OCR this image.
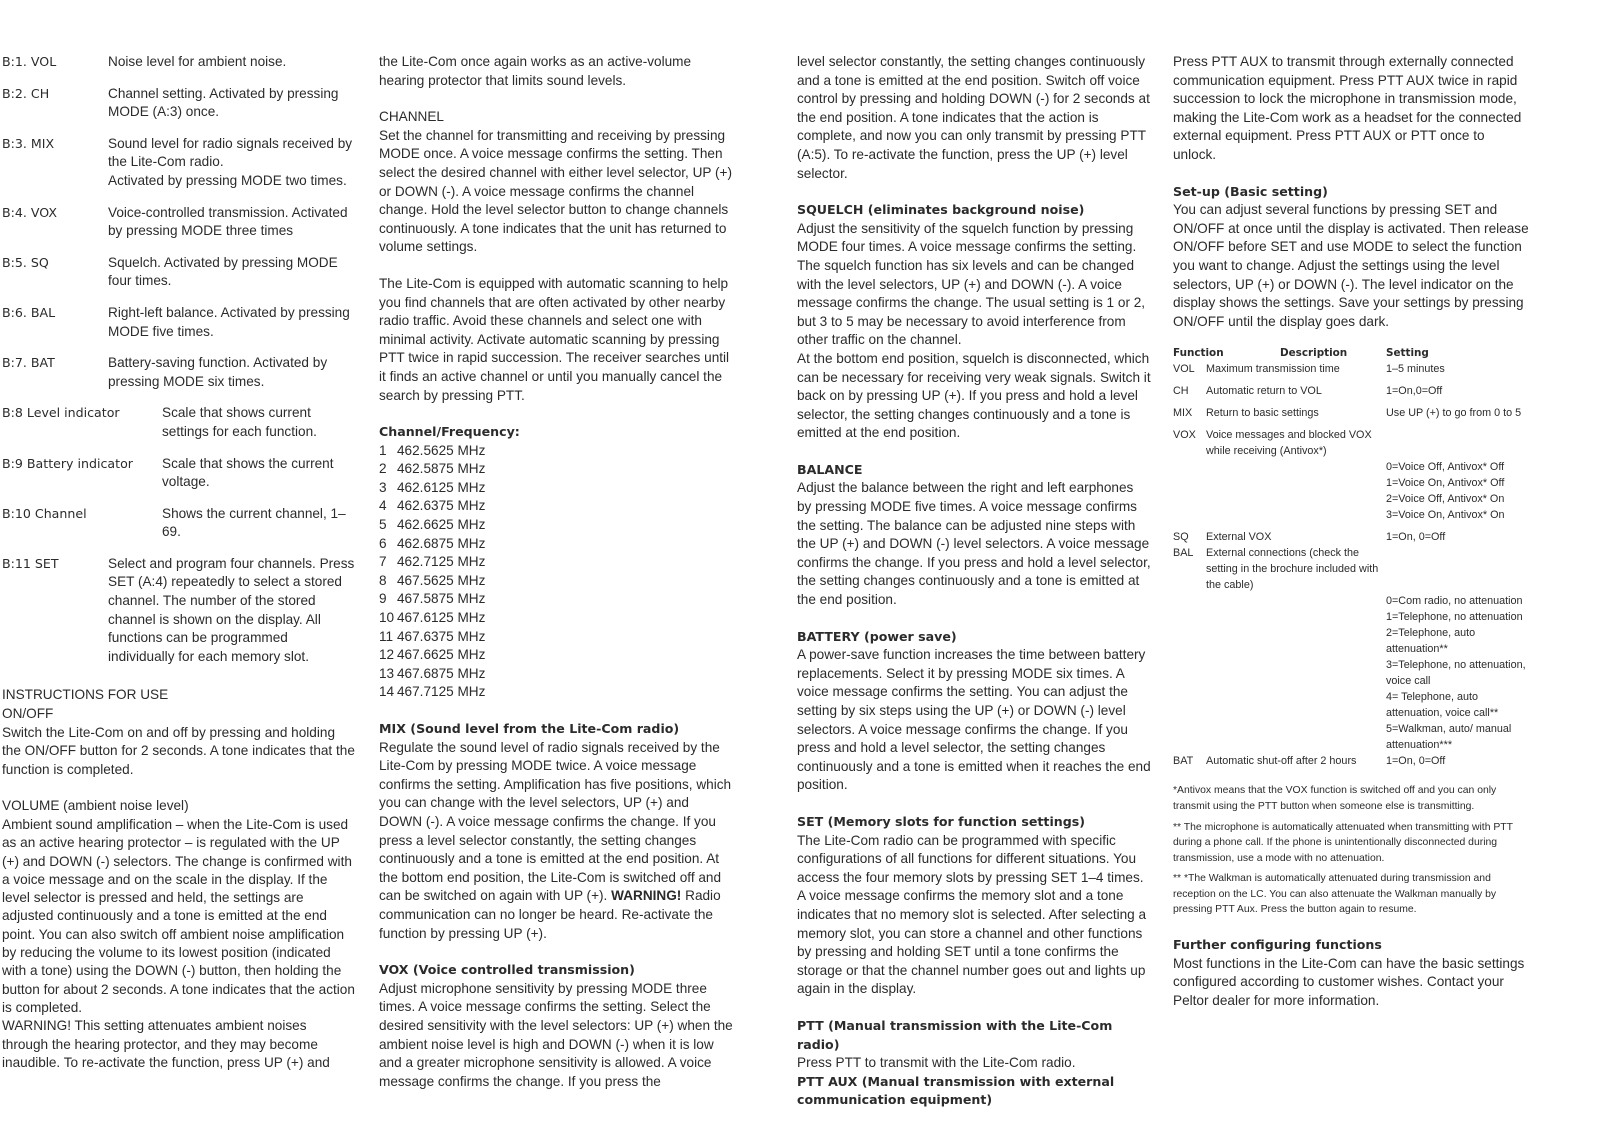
B:1. VOL	Noise level for ambient noise.
B:2. CH	Channel setting. Activated by pressing MODE (A:3) once.
B:3. MIX	Sound level for radio signals received by the Lite-Com radio.
Activated by pressing MODE two times.
B:4. VOX	Voice-controlled transmission. Activated by pressing MODE three times
B:5. SQ	Squelch. Activated by pressing MODE four times.
B:6. BAL	Right-left balance. Activated by pressing MODE five times.
B:7. BAT	Battery-saving function. Activated by pressing MODE six times.
B:8 Level indicator	Scale that shows current settings for each function.
B:9 Battery indicator	Scale that shows the current voltage.
B:10 Channel	Shows the current channel, 1–69.
B:11 SET	Select and program four channels. Press SET (A:4) repeatedly to select a stored channel. The number of the stored channel is shown on the display. All functions can be programmed individually for each memory slot.

INSTRUCTIONS FOR USE

ON/OFF

Switch the Lite-Com on and off by pressing and holding the ON/OFF button for 2 seconds. A tone indicates that the function is completed.

VOLUME (ambient noise level)

Ambient sound amplification – when the Lite-Com is used as an active hearing protector – is regulated with the UP (+) and DOWN (-) selectors. The change is confirmed with a voice message and on the scale in the display. If the level selector is pressed and held, the settings are adjusted continuously and a tone is emitted at the end point. You can also switch off ambient noise amplification by reducing the volume to its lowest position (indicated with a tone) using the DOWN (-) button, then holding the button for about 2 seconds. A tone indicates that the action is completed.

WARNING! This setting attenuates ambient noises through the hearing protector, and they may become inaudible. To re-activate the function, press UP (+) and

the Lite-Com once again works as an active-volume hearing protector that limits sound levels.

CHANNEL

Set the channel for transmitting and receiving by pressing MODE once. A voice message confirms the setting. Then select the desired channel with either level selector, UP (+) or DOWN (-). A voice message confirms the channel change. Hold the level selector button to change channels continuously. A tone indicates that the unit has returned to volume settings.

The Lite-Com is equipped with automatic scanning to help you find channels that are often activated by other nearby radio traffic. Avoid these channels and select one with minimal activity. Activate automatic scanning by pressing PTT twice in rapid succession. The receiver searches until it finds an active channel or until you manually cancel the search by pressing PTT.

Channel/Frequency:

1 462.5625 MHz
2 462.5875 MHz
3 462.6125 MHz
4 462.6375 MHz
5 462.6625 MHz
6 462.6875 MHz
7 462.7125 MHz
8 467.5625 MHz
9 467.5875 MHz
10 467.6125 MHz
11 467.6375 MHz
12 467.6625 MHz
13 467.6875 MHz
14 467.7125 MHz

MIX (Sound level from the Lite-Com radio)

Regulate the sound level of radio signals received by the Lite-Com by pressing MODE twice. A voice message confirms the setting. Amplification has five positions, which you can change with the level selectors, UP (+) and DOWN (-). A voice message confirms the change. If you press a level selector constantly, the setting changes continuously and a tone is emitted at the end position. At the bottom end position, the Lite-Com is switched off and can be switched on again with UP (+). WARNING! Radio communication can no longer be heard. Re-activate the function by pressing UP (+).

VOX (Voice controlled transmission)

Adjust microphone sensitivity by pressing MODE three times. A voice message confirms the setting. Select the desired sensitivity with the level selectors: UP (+) when the ambient noise level is high and DOWN (-) when it is low and a greater microphone sensitivity is allowed. A voice message confirms the change. If you press the

level selector constantly, the setting changes continuously and a tone is emitted at the end position. Switch off voice control by pressing and holding DOWN (-) for 2 seconds at the end position. A tone indicates that the action is complete, and now you can only transmit by pressing PTT (A:5). To re-activate the function, press the UP (+) level selector.

SQUELCH (eliminates background noise)

Adjust the sensitivity of the squelch function by pressing MODE four times. A voice message confirms the setting. The squelch function has six levels and can be changed with the level selectors, UP (+) and DOWN (-). A voice message confirms the change. The usual setting is 1 or 2, but 3 to 5 may be necessary to avoid interference from other traffic on the channel.

At the bottom end position, squelch is disconnected, which can be necessary for receiving very weak signals. Switch it back on by pressing UP (+). If you press and hold a level selector, the setting changes continuously and a tone is emitted at the end position.

BALANCE

Adjust the balance between the right and left earphones by pressing MODE five times. A voice message confirms the setting. The balance can be adjusted nine steps with the UP (+) and DOWN (-) level selectors. A voice message confirms the change. If you press and hold a level selector, the setting changes continuously and a tone is emitted at the end position.

BATTERY (power save)

A power-save function increases the time between battery replacements. Select it by pressing MODE six times. A voice message confirms the setting. You can adjust the setting by six steps using the UP (+) or DOWN (-) level selectors. A voice message confirms the change. If you press and hold a level selector, the setting changes continuously and a tone is emitted when it reaches the end position.

SET (Memory slots for function settings)

The Lite-Com radio can be programmed with specific configurations of all functions for different situations. You access the four memory slots by pressing SET 1–4 times. A voice message confirms the memory slot and a tone indicates that no memory slot is selected. After selecting a memory slot, you can store a channel and other functions by pressing and holding SET until a tone confirms the storage or that the channel number goes out and lights up again in the display.

PTT (Manual transmission with the Lite-Com radio)

Press PTT to transmit with the Lite-Com radio.

PTT AUX (Manual transmission with external communication equipment)

Press PTT AUX to transmit through externally connected communication equipment. Press PTT AUX twice in rapid succession to lock the microphone in transmission mode, making the Lite-Com work as a headset for the connected external equipment. Press PTT AUX or PTT once to unlock.

Set-up (Basic setting)

You can adjust several functions by pressing SET and ON/OFF at once until the display is activated. Then release ON/OFF before SET and use MODE to select the function you want to change. Adjust the settings using the level selectors, UP (+) or DOWN (-). The level indicator on the display shows the settings. Save your settings by pressing ON/OFF until the display goes dark.

Function	Description	Setting
VOL	Maximum transmission time	1–5 minutes
CH	Automatic return to VOL	1=On,0=Off
MIX	Return to basic settings	Use UP (+) to go from 0 to 5
VOX Voice messages and blocked VOX while receiving (Antivox*)
0=Voice Off, Antivox* Off
1=Voice On, Antivox* Off
2=Voice Off, Antivox* On
3=Voice On, Antivox* On
SQ	External VOX	1=On, 0=Off
BAL	External connections (check the setting in the brochure included with the cable)
0=Com radio, no attenuation
1=Telephone, no attenuation
2=Telephone, auto attenuation**
3=Telephone, no attenuation, voice call
4= Telephone, auto attenuation, voice call**
5=Walkman, auto/ manual attenuation***
BAT	Automatic shut-off after 2 hours	1=On, 0=Off

*Antivox means that the VOX function is switched off and you can only transmit using the PTT button when someone else is transmitting.

** The microphone is automatically attenuated when transmitting with PTT during a phone call. If the phone is unintentionally disconnected during transmission, use a mode with no attenuation.

** *The Walkman is automatically attenuated during transmission and reception on the LC. You can also attenuate the Walkman manually by pressing PTT Aux. Press the button again to resume.

Further configuring functions

Most functions in the Lite-Com can have the basic settings configured according to customer wishes. Contact your Peltor dealer for more information.
